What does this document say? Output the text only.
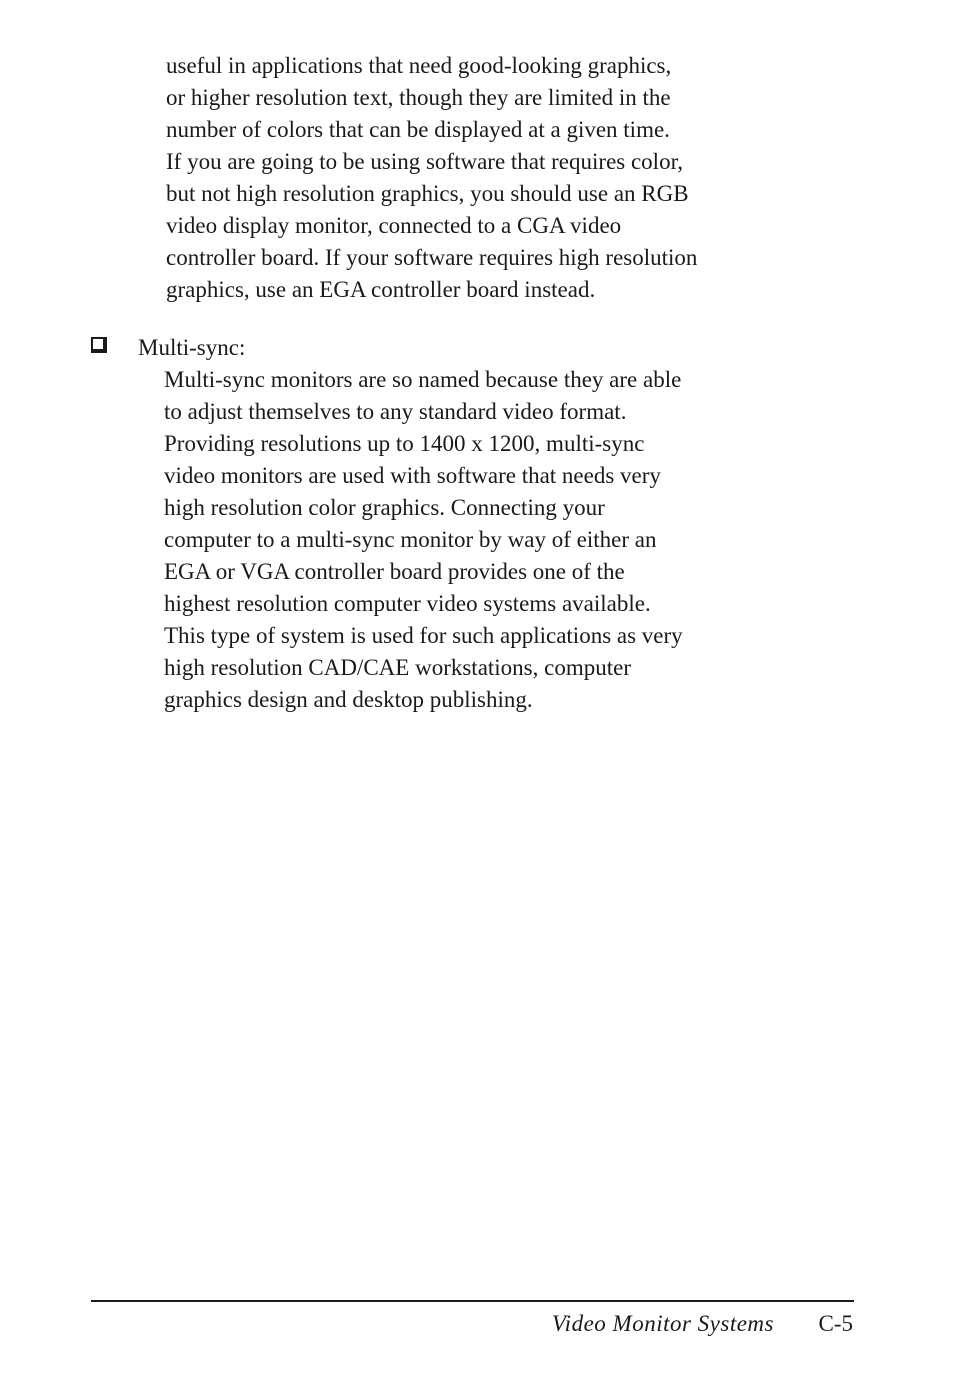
useful in applications that need good-looking graphics,
or higher resolution text, though they are limited in the
number of colors that can be displayed at a given time.
If you are going to be using software that requires color,
but not high resolution graphics, you should use an RGB
video display monitor, connected to a CGA video
controller board. If your software requires high resolution
graphics, use an EGA controller board instead.
Multi-sync:
Multi-sync monitors are so named because they are able
to adjust themselves to any standard video format.
Providing resolutions up to 1400 x 1200, multi-sync
video monitors are used with software that needs very
high resolution color graphics. Connecting your
computer to a multi-sync monitor by way of either an
EGA or VGA controller board provides one of the
highest resolution computer video systems available.
This type of system is used for such applications as very
high resolution CAD/CAE workstations, computer
graphics design and desktop publishing.
Video Monitor Systems C-5
